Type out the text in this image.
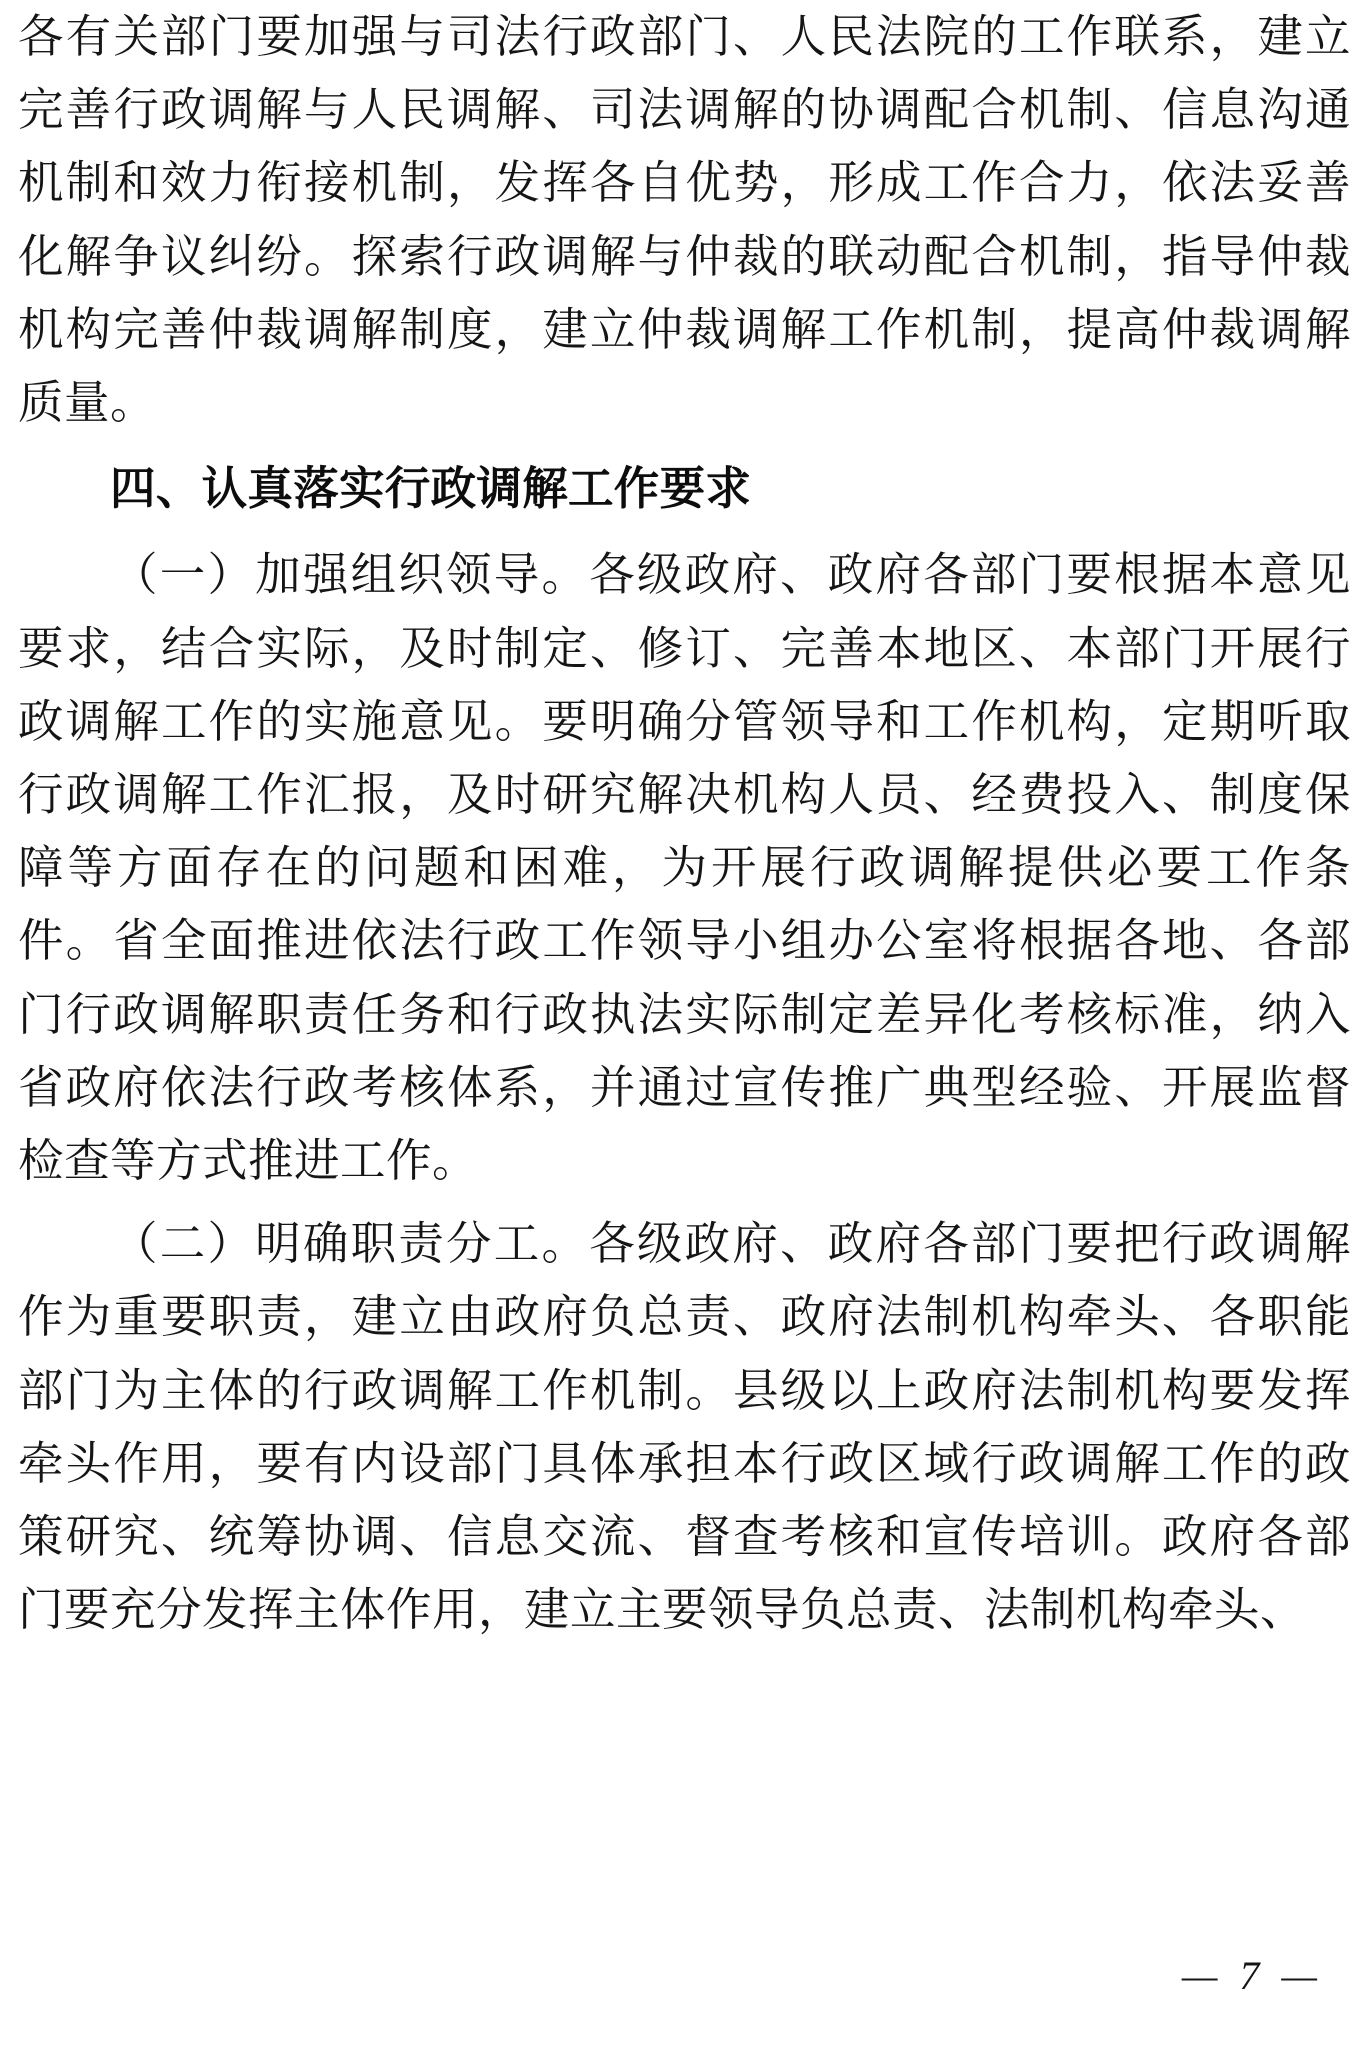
各有关部门要加强与司法行政部门、人民法院的工作联系，建立完善行政调解与人民调解、司法调解的协调配合机制、信息沟通机制和效力衔接机制，发挥各自优势，形成工作合力，依法妥善化解争议纠纷。探索行政调解与仲裁的联动配合机制，指导仲裁机构完善仲裁调解制度，建立仲裁调解工作机制，提高仲裁调解质量。

四、认真落实行政调解工作要求

（一）加强组织领导。各级政府、政府各部门要根据本意见要求，结合实际，及时制定、修订、完善本地区、本部门开展行政调解工作的实施意见。要明确分管领导和工作机构，定期听取行政调解工作汇报，及时研究解决机构人员、经费投入、制度保障等方面存在的问题和困难，为开展行政调解提供必要工作条件。省全面推进依法行政工作领导小组办公室将根据各地、各部门行政调解职责任务和行政执法实际制定差异化考核标准，纳入省政府依法行政考核体系，并通过宣传推广典型经验、开展监督检查等方式推进工作。

（二）明确职责分工。各级政府、政府各部门要把行政调解作为重要职责，建立由政府负总责、政府法制机构牵头、各职能部门为主体的行政调解工作机制。县级以上政府法制机构要发挥牵头作用，要有内设部门具体承担本行政区域行政调解工作的政策研究、统筹协调、信息交流、督查考核和宣传培训。政府各部门要充分发挥主体作用，建立主要领导负总责、法制机构牵头、

— 7 —
